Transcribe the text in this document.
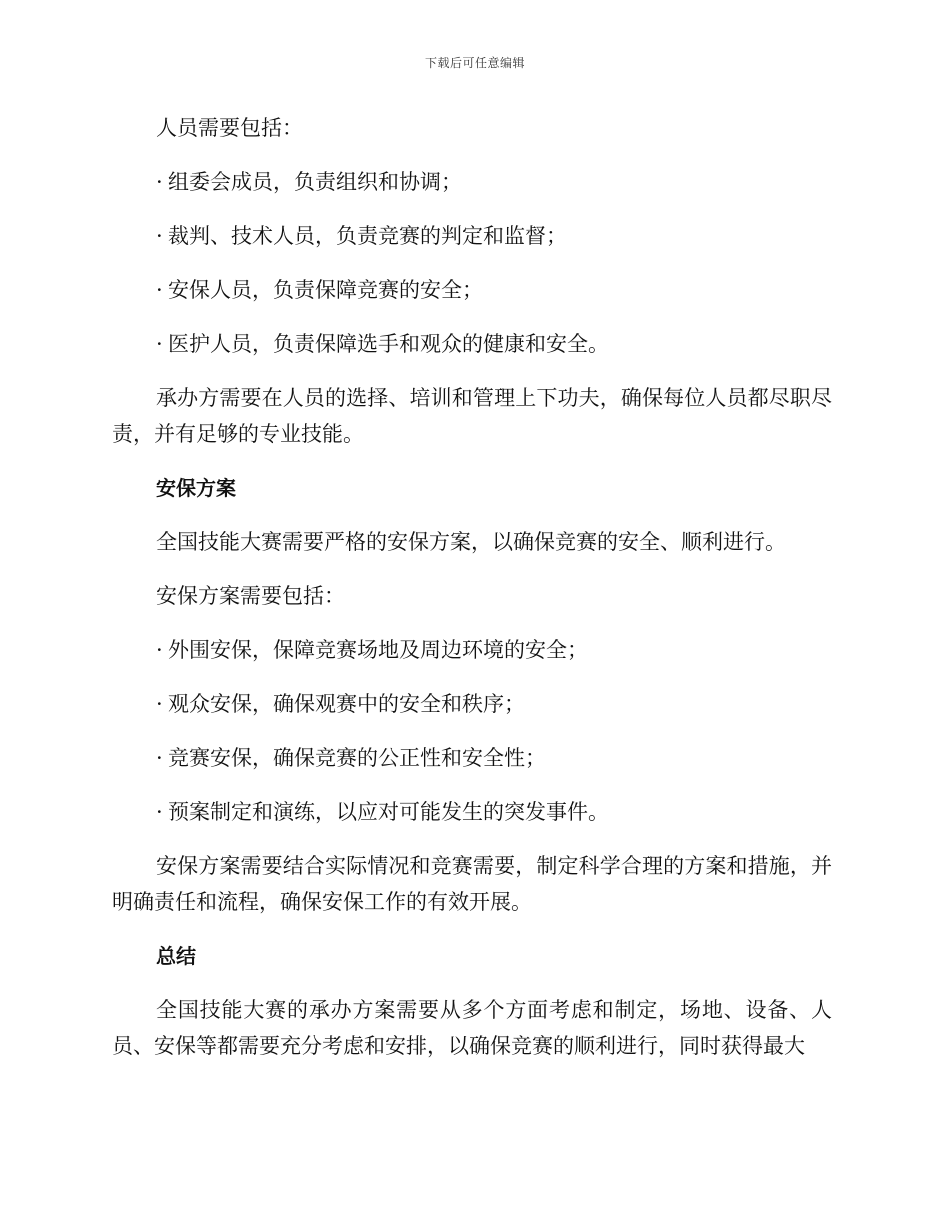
下载后可任意编辑

人员需要包括：

· 组委会成员，负责组织和协调；
· 裁判、技术人员，负责竞赛的判定和监督；
· 安保人员，负责保障竞赛的安全；
· 医护人员，负责保障选手和观众的健康和安全。

承办方需要在人员的选择、培训和管理上下功夫，确保每位人员都尽职尽责，并有足够的专业技能。

安保方案

全国技能大赛需要严格的安保方案，以确保竞赛的安全、顺利进行。

安保方案需要包括：

· 外围安保，保障竞赛场地及周边环境的安全；
· 观众安保，确保观赛中的安全和秩序；
· 竞赛安保，确保竞赛的公正性和安全性；
· 预案制定和演练，以应对可能发生的突发事件。

安保方案需要结合实际情况和竞赛需要，制定科学合理的方案和措施，并明确责任和流程，确保安保工作的有效开展。

总结

全国技能大赛的承办方案需要从多个方面考虑和制定，场地、设备、人员、安保等都需要充分考虑和安排，以确保竞赛的顺利进行，同时获得最大
